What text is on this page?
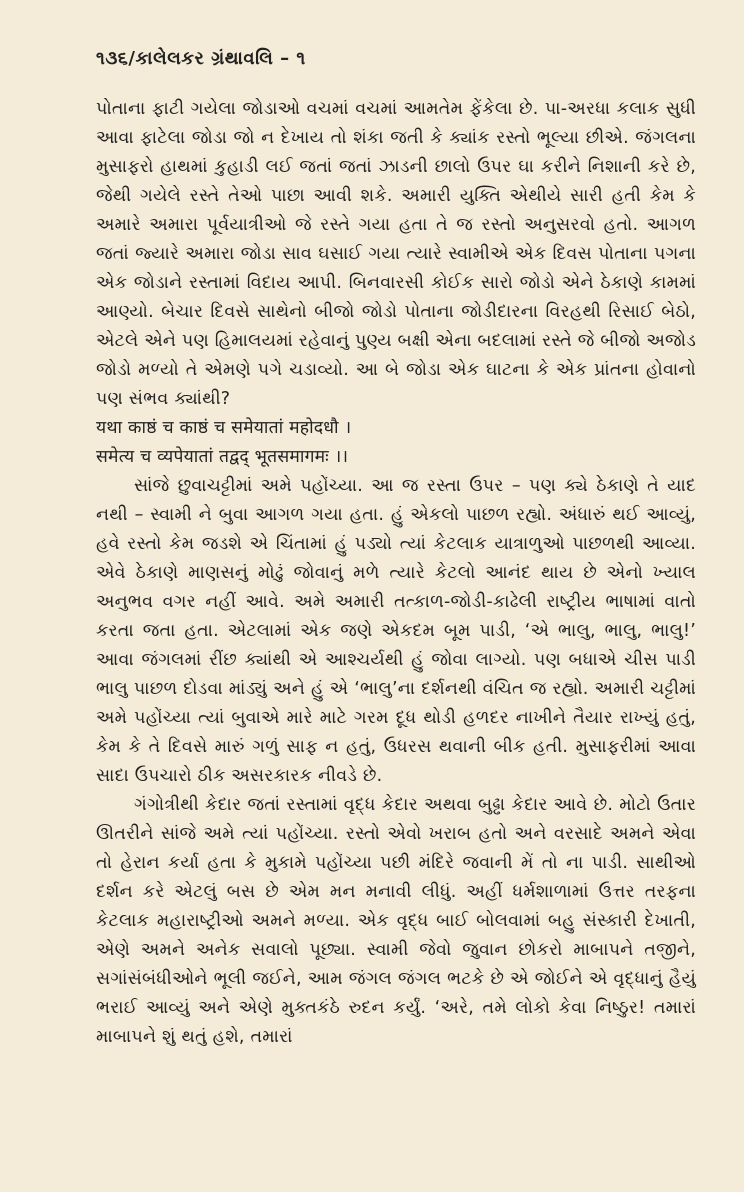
૧૩૬/કાલેલકર ગ્રંથાવલિ – ૧

પોતાના ફાટી ગયેલા જોડાઓ વચમાં વચમાં આમતેમ ફેંકેલા છે. પા-અરધા કલાક સુધી આવા ફાટેલા જોડા જો ન દેખાય તો શંકા જતી કે ક્યાંક રસ્તો ભૂલ્યા છીએ. જંગલના મુસાફરો હાથમાં કુહાડી લઈ જતાં જતાં ઝાડની છાલો ઉપર ઘા કરીને નિશાની કરે છે, જેથી ગયેલે રસ્તે તેઓ પાછા આવી શકે. અમારી યુક્તિ એથીયે સારી હતી કેમ કે અમારે અમારા પૂર્વયાત્રીઓ જે રસ્તે ગયા હતા તે જ રસ્તો અનુસરવો હતો. આગળ જતાં જ્યારે અમારા જોડા સાવ ઘસાઈ ગયા ત્યારે સ્વામીએ એક દિવસ પોતાના પગના એક જોડાને રસ્તામાં વિદાય આપી. બિનવારસી કોઈક સારો જોડો એને ઠેકાણે કામમાં આણ્યો. બેચાર દિવસે સાથેનો બીજો જોડો પોતાના જોડીદારના વિરહથી રિસાઈ બેઠો, એટલે એને પણ હિમાલયમાં રહેવાનું પુણ્ય બક્ષી એના બદલામાં રસ્તે જે બીજો અજોડ જોડો મળ્યો તે એમણે પગે ચડાવ્યો. આ બે જોડા એક ઘાટના કે એક પ્રાંતના હોવાનો પણ સંભવ ક્યાંથી?

यथा काष्ठं च काष्ठं च समेयातां महोदधौ ।

समेत्य च व्यपेयातां तद्वद् भूतसमागमः ।।

સાંજે છુવાચટ્ટીમાં અમે પહોંચ્યા. આ જ રસ્તા ઉપર – પણ ક્યે ઠેકાણે તે યાદ નથી – સ્વામી ને બુવા આગળ ગયા હતા. હું એકલો પાછળ રહ્યો. અંધારું થઈ આવ્યું, હવે રસ્તો કેમ જડશે એ ચિંતામાં હું પડ્યો ત્યાં કેટલાક યાત્રાળુઓ પાછળથી આવ્યા. એવે ઠેકાણે માણસનું મોઢું જોવાનું મળે ત્યારે કેટલો આનંદ થાય છે એનો ખ્યાલ અનુભવ વગર નહીં આવે. અમે અમારી તત્કાળ-જોડી-કાઢેલી રાષ્ટ્રીય ભાષામાં વાતો કરતા જતા હતા. એટલામાં એક જણે એકદમ બૂમ પાડી, ‘એ ભાલુ, ભાલુ, ભાલુ!’ આવા જંગલમાં રીંછ ક્યાંથી એ આશ્ચર્યથી હું જોવા લાગ્યો. પણ બધાએ ચીસ પાડી ભાલુ પાછળ દોડવા માંડ્યું અને હું એ ‘ભાલુ’ના દર્શનથી વંચિત જ રહ્યો. અમારી ચટ્ટીમાં અમે પહોંચ્યા ત્યાં બુવાએ મારે માટે ગરમ દૂધ થોડી હળદર નાખીને તૈયાર રાખ્યું હતું, કેમ કે તે દિવસે મારું ગળું સાફ ન હતું, ઉધરસ થવાની બીક હતી. મુસાફરીમાં આવા સાદા ઉપચારો ઠીક અસરકારક નીવડે છે.

ગંગોત્રીથી કેદાર જતાં રસ્તામાં વૃદ્ધ કેદાર અથવા બુઢ્ઢા કેદાર આવે છે. મોટો ઉતાર ઊતરીને સાંજે અમે ત્યાં પહોંચ્યા. રસ્તો એવો ખરાબ હતો અને વરસાદે અમને એવા તો હેરાન કર્યા હતા કે મુકામે પહોંચ્યા પછી મંદિરે જવાની મેં તો ના પાડી. સાથીઓ દર્શન કરે એટલું બસ છે એમ મન મનાવી લીધું. અહીં ધર્મશાળામાં ઉત્તર તરફના કેટલાક મહારાષ્ટ્રીઓ અમને મળ્યા. એક વૃદ્ધ બાઈ બોલવામાં બહુ સંસ્કારી દેખાતી, એણે અમને અનેક સવાલો પૂછ્યા. સ્વામી જેવો જુવાન છોકરો માબાપને તજીને, સગાંસંબંધીઓને ભૂલી જઈને, આમ જંગલ જંગલ ભટકે છે એ જોઈને એ વૃદ્ધાનું હૈયું ભરાઈ આવ્યું અને એણે મુક્તકંઠે રુદન કર્યું. ‘અરે, તમે લોકો કેવા નિષ્ઠુર! તમારાં માબાપને શું થતું હશે, તમારાં
